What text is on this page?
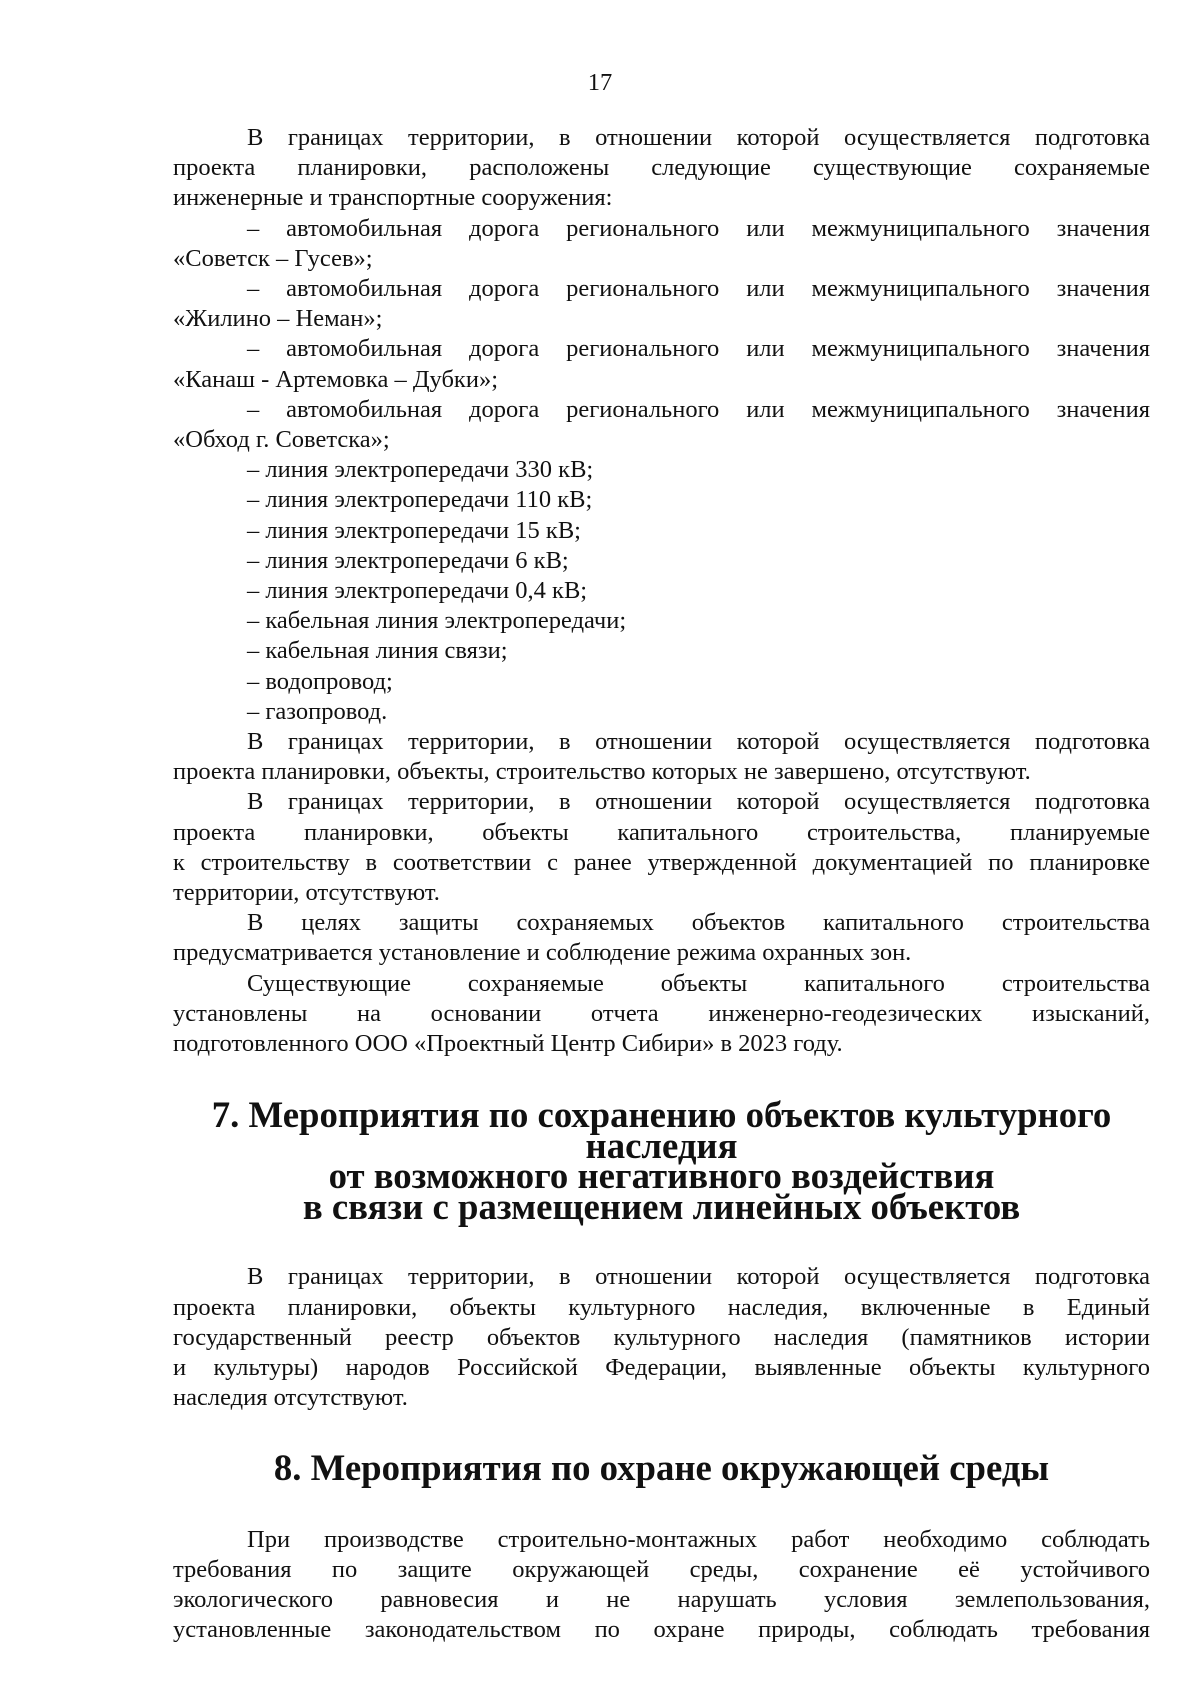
17

В границах территории, в отношении которой осуществляется подготовка

проекта планировки, расположены следующие существующие сохраняемые

инженерные и транспортные сооружения:

– автомобильная дорога регионального или межмуниципального значения

«Советск – Гусев»;

– автомобильная дорога регионального или межмуниципального значения

«Жилино – Неман»;

– автомобильная дорога регионального или межмуниципального значения

«Канаш - Артемовка – Дубки»;

– автомобильная дорога регионального или межмуниципального значения

«Обход г. Советска»;

– линия электропередачи 330 кВ;

– линия электропередачи 110 кВ;

– линия электропередачи 15 кВ;

– линия электропередачи 6 кВ;

– линия электропередачи 0,4 кВ;

– кабельная линия электропередачи;

– кабельная линия связи;

– водопровод;

– газопровод.

В границах территории, в отношении которой осуществляется подготовка

проекта планировки, объекты, строительство которых не завершено, отсутствуют.

В границах территории, в отношении которой осуществляется подготовка

проекта планировки, объекты капитального строительства, планируемые

к строительству в соответствии с ранее утвержденной документацией по планировке

территории, отсутствуют.

В целях защиты сохраняемых объектов капитального строительства

предусматривается установление и соблюдение режима охранных зон.

Существующие сохраняемые объекты капитального строительства

установлены на основании отчета инженерно-геодезических изысканий,

подготовленного ООО «Проектный Центр Сибири» в 2023 году.

7. Мероприятия по сохранению объектов культурного наследия
от возможного негативного воздействия
в связи с размещением линейных объектов

В границах территории, в отношении которой осуществляется подготовка

проекта планировки, объекты культурного наследия, включенные в Единый

государственный реестр объектов культурного наследия (памятников истории

и культуры) народов Российской Федерации, выявленные объекты культурного

наследия отсутствуют.

8. Мероприятия по охране окружающей среды

При производстве строительно-монтажных работ необходимо соблюдать

требования по защите окружающей среды, сохранение её устойчивого

экологического равновесия и не нарушать условия землепользования,

установленные законодательством по охране природы, соблюдать требования
